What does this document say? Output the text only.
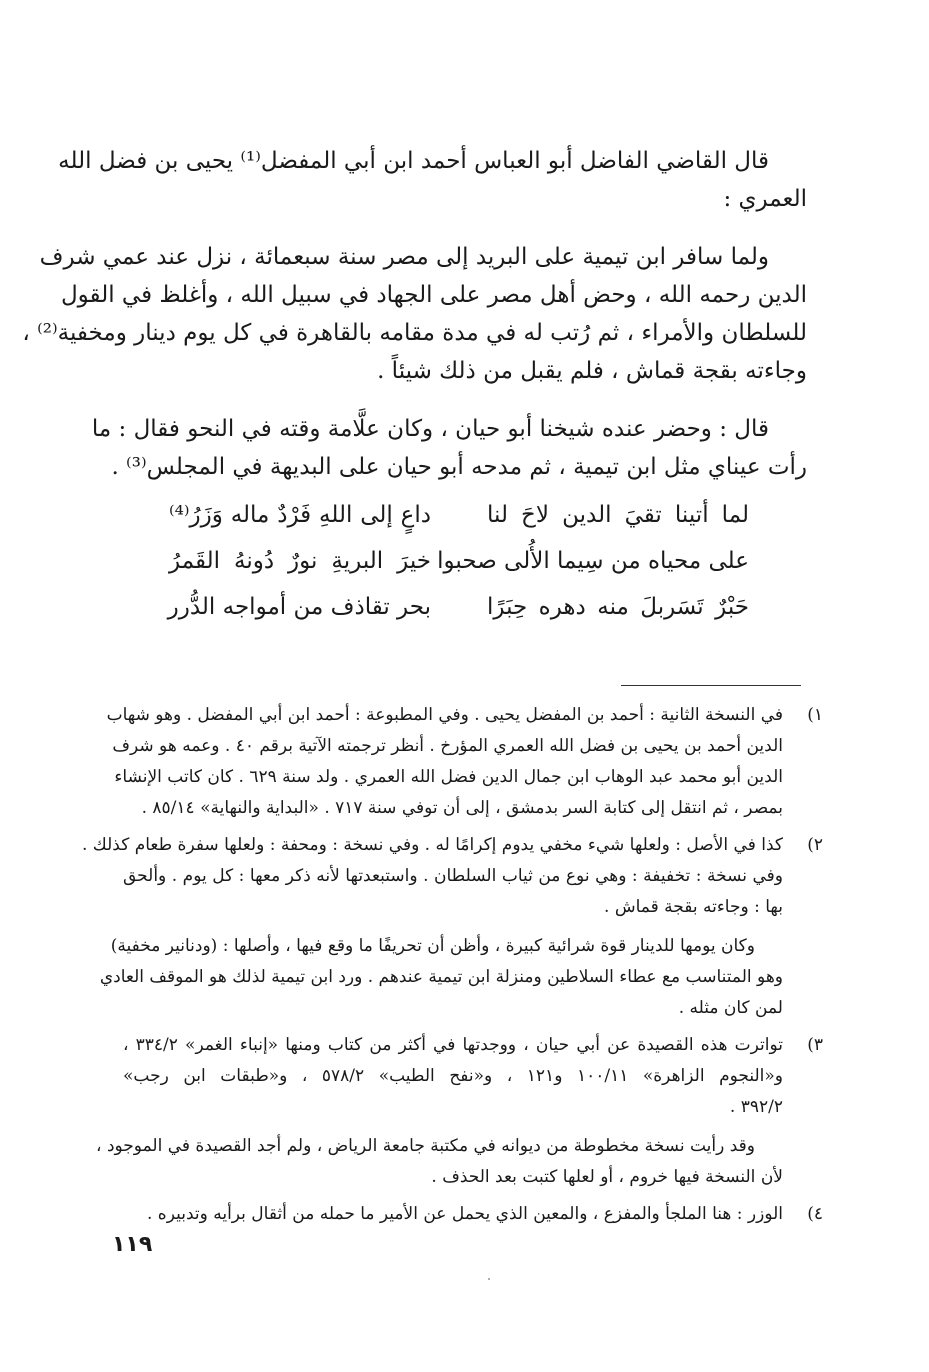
قال القاضي الفاضل أبو العباس أحمد ابن أبي المفضل⁽¹⁾ يحيى بن فضل الله
العمري :
ولما سافر ابن تيمية على البريد إلى مصر سنة سبعمائة ، نزل عند عمي شرف
الدين رحمه الله ، وحض أهل مصر على الجهاد في سبيل الله ، وأغلظ في القول
للسلطان والأمراء ، ثم رُتب له في مدة مقامه بالقاهرة في كل يوم دينار ومخفية⁽²⁾ ،
وجاءته بقجة قماش ، فلم يقبل من ذلك شيئاً .
قال : وحضر عنده شيخنا أبو حيان ، وكان علَّامة وقته في النحو فقال : ما
رأت عيناي مثل ابن تيمية ، ثم مدحه أبو حيان على البديهة في المجلس⁽³⁾ .
لما أتينا تقيَ الدين لاحَ لنا
داعٍ إلى اللهِ فَرْدٌ ماله وَزَرُ⁽⁴⁾
على محياه من سِيما الأُلى صحبوا
خيرَ البريةِ نورٌ دُونهُ القَمرُ
حَبْرٌ تَسَربلَ منه دهره حِبَرًا
بحر تقاذف من أمواجه الدُّرر
١)
في النسخة الثانية : أحمد بن المفضل يحيى . وفي المطبوعة : أحمد ابن أبي المفضل . وهو شهاب
الدين أحمد بن يحيى بن فضل الله العمري المؤرخ . أنظر ترجمته الآتية برقم ٤٠ . وعمه هو شرف
الدين أبو محمد عبد الوهاب ابن جمال الدين فضل الله العمري . ولد سنة ٦٢٩ . كان كاتب الإنشاء
بمصر ، ثم انتقل إلى كتابة السر بدمشق ، إلى أن توفي سنة ٧١٧ . «البداية والنهاية» ٨٥/١٤ .
٢)
كذا في الأصل : ولعلها شيء مخفي يدوم إكرامًا له . وفي نسخة : ومحفة : ولعلها سفرة طعام كذلك .
وفي نسخة : تخفيفة : وهي نوع من ثياب السلطان . واستبعدتها لأنه ذكر معها : كل يوم . وألحق
بها : وجاءته بقجة قماش .
وكان يومها للدينار قوة شرائية كبيرة ، وأظن أن تحريفًا ما وقع فيها ، وأصلها : (ودنانير مخفية)
وهو المتناسب مع عطاء السلاطين ومنزلة ابن تيمية عندهم . ورد ابن تيمية لذلك هو الموقف العادي
لمن كان مثله .
٣)
تواترت هذه القصيدة عن أبي حيان ، ووجدتها في أكثر من كتاب ومنها «إنباء الغمر» ٣٣٤/٢ ،
و«النجوم الزاهرة» ١٠٠/١١ و١٢١ ، و«نفح الطيب» ٥٧٨/٢ ، و«طبقات ابن رجب»
٣٩٢/٢ .
وقد رأيت نسخة مخطوطة من ديوانه في مكتبة جامعة الرياض ، ولم أجد القصيدة في الموجود ،
لأن النسخة فيها خروم ، أو لعلها كتبت بعد الحذف .
٤)
الوزر : هنا الملجأ والمفزع ، والمعين الذي يحمل عن الأمير ما حمله من أثقال برأيه وتدبيره .
١١٩
